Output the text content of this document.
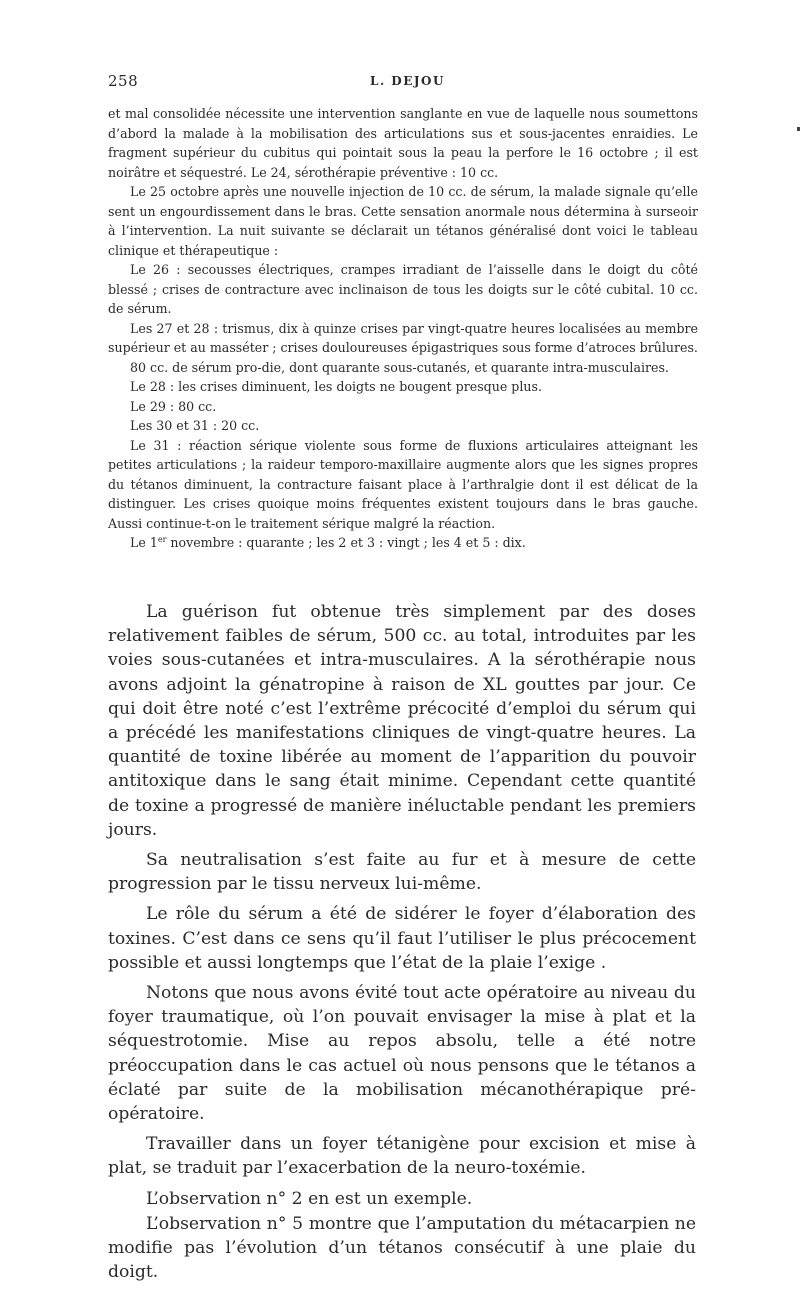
258	L. DEJOU

et mal consolidée nécessite une intervention sanglante en vue de laquelle nous soumettons d’abord la malade à la mobilisation des articulations sus et sous-jacentes enraidies. Le fragment supérieur du cubitus qui pointait sous la peau la perfore le 16 octobre ; il est noirâtre et séquestré. Le 24, sérothérapie préventive : 10 cc.

Le 25 octobre après une nouvelle injection de 10 cc. de sérum, la malade signale qu’elle sent un engourdissement dans le bras. Cette sensation anormale nous détermina à surseoir à l’intervention. La nuit suivante se déclarait un tétanos généralisé dont voici le tableau clinique et thérapeutique :

Le 26 : secousses électriques, crampes irradiant de l’aisselle dans le doigt du côté blessé ; crises de contracture avec inclinaison de tous les doigts sur le côté cubital. 10 cc. de sérum.

Les 27 et 28 : trismus, dix à quinze crises par vingt-quatre heures localisées au membre supérieur et au masséter ; crises douloureuses épigastriques sous forme d’atroces brûlures.

80 cc. de sérum pro-die, dont quarante sous-cutanés, et quarante intra-musculaires.

Le 28 : les crises diminuent, les doigts ne bougent presque plus.

Le 29 : 80 cc.

Les 30 et 31 : 20 cc.

Le 31 : réaction sérique violente sous forme de fluxions articulaires atteignant les petites articulations ; la raideur temporo-maxillaire augmente alors que les signes propres du tétanos diminuent, la contracture faisant place à l’arthralgie dont il est délicat de la distinguer. Les crises quoique moins fréquentes existent toujours dans le bras gauche. Aussi continue-t-on le traitement sérique malgré la réaction.

Le 1er novembre : quarante ; les 2 et 3 : vingt ; les 4 et 5 : dix.

La guérison fut obtenue très simplement par des doses relativement faibles de sérum, 500 cc. au total, introduites par les voies sous-cutanées et intra-musculaires. A la sérothérapie nous avons adjoint la génatropine à raison de XL gouttes par jour. Ce qui doit être noté c’est l’extrême précocité d’emploi du sérum qui a précédé les manifestations cliniques de vingt-quatre heures. La quantité de toxine libérée au moment de l’apparition du pouvoir antitoxique dans le sang était minime. Cependant cette quantité de toxine a progressé de manière inéluctable pendant les premiers jours.

Sa neutralisation s’est faite au fur et à mesure de cette progression par le tissu nerveux lui-même.

Le rôle du sérum a été de sidérer le foyer d’élaboration des toxines. C’est dans ce sens qu’il faut l’utiliser le plus précocement possible et aussi longtemps que l’état de la plaie l’exige .

Notons que nous avons évité tout acte opératoire au niveau du foyer traumatique, où l’on pouvait envisager la mise à plat et la séquestrotomie. Mise au repos absolu, telle a été notre préoccupation dans le cas actuel où nous pensons que le tétanos a éclaté par suite de la mobilisation mécanothérapique pré-opératoire.

Travailler dans un foyer tétanigène pour excision et mise à plat, se traduit par l’exacerbation de la neuro-toxémie.

L’observation n° 2 en est un exemple.

L’observation n° 5 montre que l’amputation du métacarpien ne modifie pas l’évolution d’un tétanos consécutif à une plaie du doigt.
